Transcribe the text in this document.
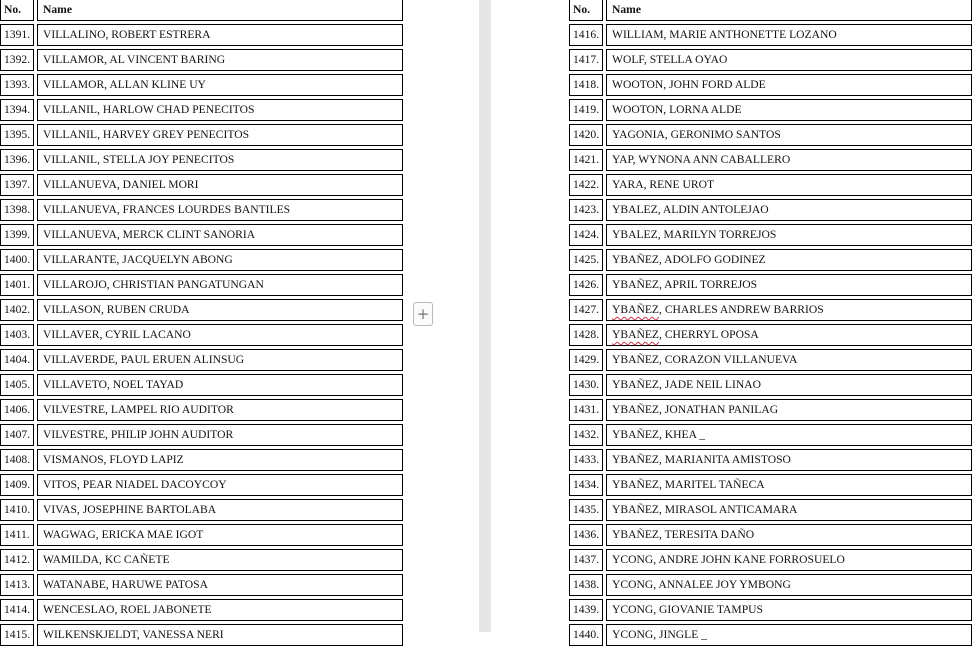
No.	Name
1391.	VILLALINO, ROBERT ESTRERA
1392.	VILLAMOR, AL VINCENT BARING
1393.	VILLAMOR, ALLAN KLINE UY
1394.	VILLANIL, HARLOW CHAD PENECITOS
1395.	VILLANIL, HARVEY GREY PENECITOS
1396.	VILLANIL, STELLA JOY PENECITOS
1397.	VILLANUEVA, DANIEL MORI
1398.	VILLANUEVA, FRANCES LOURDES BANTILES
1399.	VILLANUEVA, MERCK CLINT SANORIA
1400.	VILLARANTE, JACQUELYN ABONG
1401.	VILLAROJO, CHRISTIAN PANGATUNGAN
1402.	VILLASON, RUBEN CRUDA
1403.	VILLAVER, CYRIL LACANO
1404.	VILLAVERDE, PAUL ERUEN ALINSUG
1405.	VILLAVETO, NOEL TAYAD
1406.	VILVESTRE, LAMPEL RIO AUDITOR
1407.	VILVESTRE, PHILIP JOHN AUDITOR
1408.	VISMANOS, FLOYD LAPIZ
1409.	VITOS, PEAR NIADEL DACOYCOY
1410.	VIVAS, JOSEPHINE BARTOLABA
1411.	WAGWAG, ERICKA MAE IGOT
1412.	WAMILDA, KC CAÑETE
1413.	WATANABE, HARUWE PATOSA
1414.	WENCESLAO, ROEL JABONETE
1415.	WILKENSKJELDT, VANESSA NERI
No.	Name
1416.	WILLIAM, MARIE ANTHONETTE LOZANO
1417.	WOLF, STELLA OYAO
1418.	WOOTON, JOHN FORD ALDE
1419.	WOOTON, LORNA ALDE
1420.	YAGONIA, GERONIMO SANTOS
1421.	YAP, WYNONA ANN CABALLERO
1422.	YARA, RENE UROT
1423.	YBALEZ, ALDIN ANTOLEJAO
1424.	YBALEZ, MARILYN TORREJOS
1425.	YBAÑEZ, ADOLFO GODINEZ
1426.	YBAÑEZ, APRIL TORREJOS
1427.	YBAÑEZ, CHARLES ANDREW BARRIOS
1428.	YBAÑEZ, CHERRYL OPOSA
1429.	YBAÑEZ, CORAZON VILLANUEVA
1430.	YBAÑEZ, JADE NEIL LINAO
1431.	YBAÑEZ, JONATHAN PANILAG
1432.	YBAÑEZ, KHEA _
1433.	YBAÑEZ, MARIANITA AMISTOSO
1434.	YBAÑEZ, MARITEL TAÑECA
1435.	YBAÑEZ, MIRASOL ANTICAMARA
1436.	YBAÑEZ, TERESITA DAÑO
1437.	YCONG, ANDRE JOHN KANE FORROSUELO
1438.	YCONG, ANNALEE JOY YMBONG
1439.	YCONG, GIOVANIE TAMPUS
1440.	YCONG, JINGLE _
+
